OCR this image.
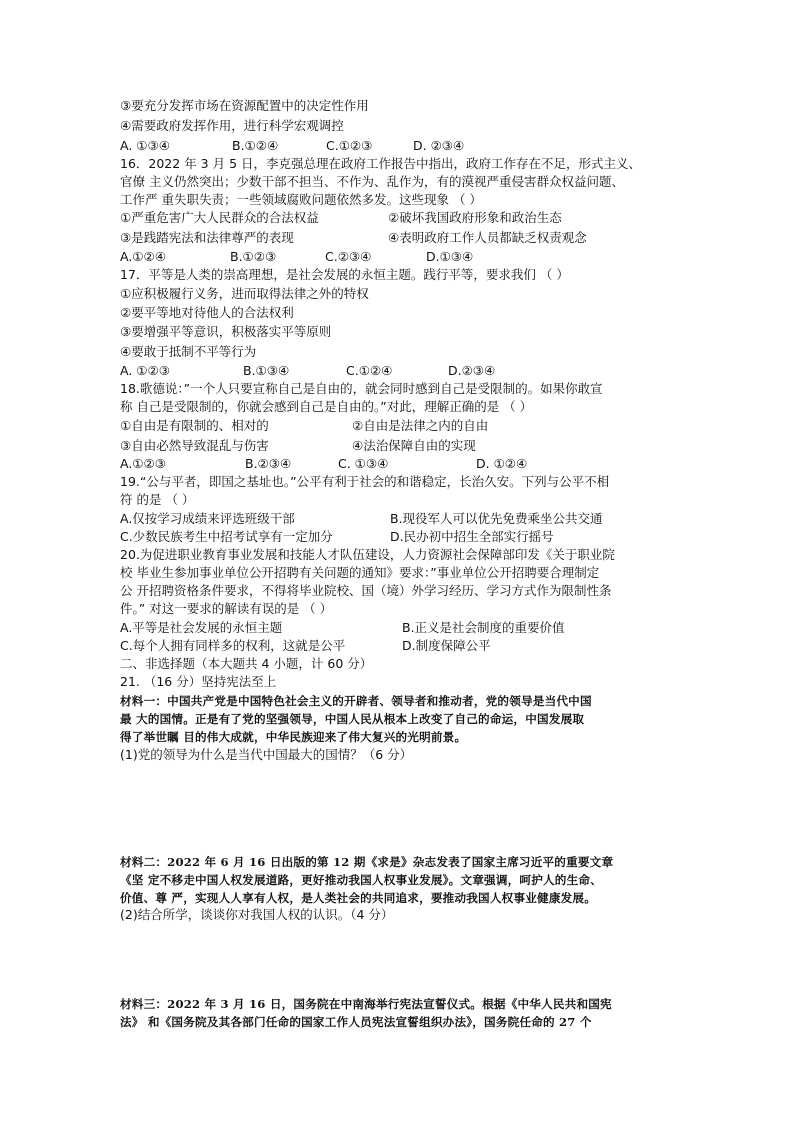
③要充分发挥市场在资源配置中的决定性作用
④需要政府发挥作用，进行科学宏观调控
A. ①③④	B.①②④	C.①②③	D. ②③④
16．2022 年 3 月 5 日，李克强总理在政府工作报告中指出，政府工作存在不足，形式主义、
官僚 主义仍然突出；少数干部不担当、不作为、乱作为，有的漠视严重侵害群众权益问题、
工作严 重失职失责；一些领域腐败问题依然多发。这些现象 （ ）
①严重危害广大人民群众的合法权益	②破坏我国政府形象和政治生态
③是践踏宪法和法律尊严的表现	④表明政府工作人员都缺乏权责观念
A.①②④	B.①②③	C.②③④	D.①③④
17．平等是人类的崇高理想，是社会发展的永恒主题。践行平等，要求我们 （ ）
①应积极履行义务，进而取得法律之外的特权
②要平等地对待他人的合法权利
③要增强平等意识，积极落实平等原则
④要敢于抵制不平等行为
A. ①②③	B.①③④	C.①②④	D.②③④
18.歌德说：”一个人只要宣称自己是自由的，就会同时感到自己是受限制的。如果你敢宣
称 自己是受限制的，你就会感到自己是自由的。”对此，理解正确的是 （ ）
①自由是有限制的、相对的	②自由是法律之内的自由
③自由必然导致混乱与伤害	④法治保障自由的实现
A.①②③	B.②③④	C. ①③④	D. ①②④
19.“公与平者，即国之基址也。”公平有利于社会的和谐稳定，长治久安。下列与公平不相
符 的是 （ ）
A.仅按学习成绩来评选班级干部	B.现役军人可以优先免费乘坐公共交通
C.少数民族考生中招考试享有一定加分	D.民办初中招生全部实行摇号
20.为促进职业教育事业发展和技能人才队伍建设，人力资源社会保障部印发《关于职业院
校 毕业生参加事业单位公开招聘有关问题的通知》要求：”事业单位公开招聘要合理制定
公 开招聘资格条件要求，不得将毕业院校、国（境）外学习经历、学习方式作为限制性条
件。” 对这一要求的解读有误的是 （ ）
A.平等是社会发展的永恒主题	B.正义是社会制度的重要价值
C.每个人拥有同样多的权利，这就是公平	D.制度保障公平
二、非选择题（本大题共 4 小题，计 60 分）
21. （16 分）坚持宪法至上
材料一：中国共产党是中国特色社会主义的开辟者、领导者和推动者，党的领导是当代中国
最 大的国情。正是有了党的坚强领导，中国人民从根本上改变了自己的命运，中国发展取
得了举世瞩 目的伟大成就，中华民族迎来了伟大复兴的光明前景。
(1)党的领导为什么是当代中国最大的国情？（6 分）
材料二：2022 年 6 月 16 日出版的第 12 期《求是》杂志发表了国家主席习近平的重要文章
《坚 定不移走中国人权发展道路，更好推动我国人权事业发展》。文章强调，呵护人的生命、
价值、尊 严，实现人人享有人权，是人类社会的共同追求，要推动我国人权事业健康发展。
(2)结合所学，谈谈你对我国人权的认识。（4 分）
材料三：2022 年 3 月 16 日，国务院在中南海举行宪法宣誓仪式。根据《中华人民共和国宪
法》 和《国务院及其各部门任命的国家工作人员宪法宣誓组织办法》，国务院任命的 27 个
